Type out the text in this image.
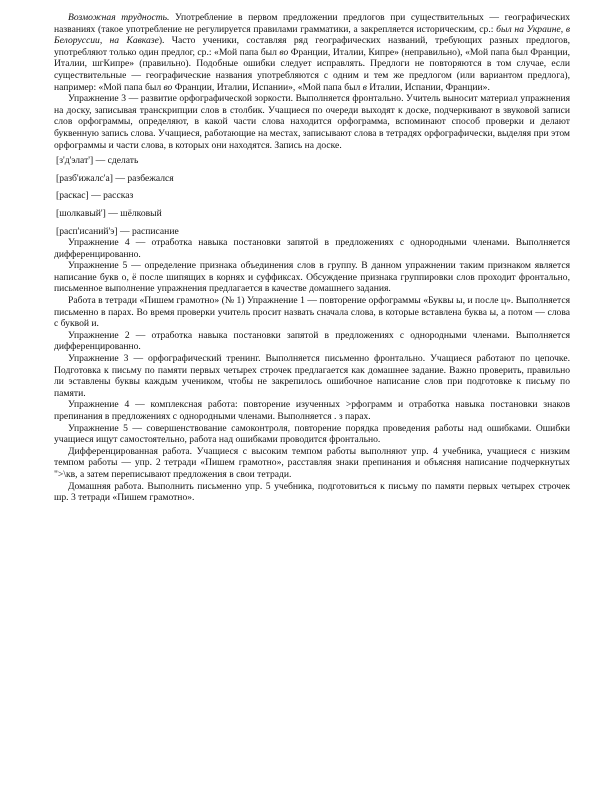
Возможная трудность. Употребление в первом предложении предлогов при существительных — географических названиях (такое употребление не регулируется правилами грамматики, а закрепляется историческим, ср.: был на Украине, в Белоруссии, на Кавказе). Часто ученики, составляя ряд географических названий, требующих разных предлогов, употребляют только один предлог, ср.: «Мой папа был во Франции, Италии, Кипре» (неправильно), «Мой папа был Франции, Италии, шгКипре» (правильно). Подобные ошибки следует исправлять. Предлоги не повторяются в том случае, если существительные — географические названия употребляются с одним и тем же предлогом (или вариантом предлога), например: «Мой папа был во Франции, Италии, Испании», «Мой папа был в Италии, Испании, Франции».

Упражнение 3 — развитие орфографической зоркости. Выполняется фронтально. Учитель выносит материал упражнения на доску, записывая транскрипции слов в столбик. Учащиеся по очереди выходят к доске, подчеркивают в звуковой записи слов орфограммы, определяют, в какой части слова находится орфограмма, вспоминают способ проверки и делают буквенную запись слова. Учащиеся, работающие на местах, записывают слова в тетрадях орфографически, выделяя при этом орфограммы и части слова, в которых они находятся. Запись на доске.

[з'д'элат'] — сделать
[разб'ижалс'а] — разбежался
[раскас] — рассказ
[шолкавый'] — шёлковый
[расп'исаний'э] — расписание

Упражнение 4 — отработка навыка постановки запятой в предложениях с однородными членами. Выполняется дифференцированно.

Упражнение 5 — определение признака объединения слов в группу. В данном упражнении таким признаком является написание букв о, ё после шипящих в корнях и суффиксах. Обсуждение признака группировки слов проходит фронтально, письменное выполнение упражнения предлагается в качестве домашнего задания.

Работа в тетради «Пишем грамотно» (№ 1) Упражнение 1 — повторение орфограммы «Буквы ы, и после ц». Выполняется письменно в парах. Во время проверки учитель просит назвать сначала слова, в которые вставлена буква ы, а потом — слова с буквой и.

Упражнение 2 — отработка навыка постановки запятой в предложениях с однородными членами. Выполняется дифференцированно.

Упражнение 3 — орфографический тренинг. Выполняется письменно фронтально. Учащиеся работают по цепочке. Подготовка к письму по памяти первых четырех строчек предлагается как домашнее задание. Важно проверить, правильно ли эставлены буквы каждым учеником, чтобы не закрепилось ошибочное написание слов при подготовке к письму по памяти.

Упражнение 4 — комплексная работа: повторение изученных >рфограмм и отработка навыка постановки знаков препинания в предложениях с однородными членами. Выполняется . з парах.

Упражнение 5 — совершенствование самоконтроля, повторение порядка проведения работы над ошибками. Ошибки учащиеся ищут самостоятельно, работа над ошибками проводится фронтально.

Дифференцированная работа. Учащиеся с высоким темпом работы выполняют упр. 4 учебника, учащиеся с низким темпом работы — упр. 2 тетради «Пишем грамотно», расставляя знаки препинания и объясняя написание подчеркнутых ">\кв, а затем переписывают предложения в свои тетради.

Домашняя работа. Выполнить письменно упр. 5 учебника, подготовиться к письму по памяти первых четырех строчек шр. 3 тетради «Пишем грамотно».
